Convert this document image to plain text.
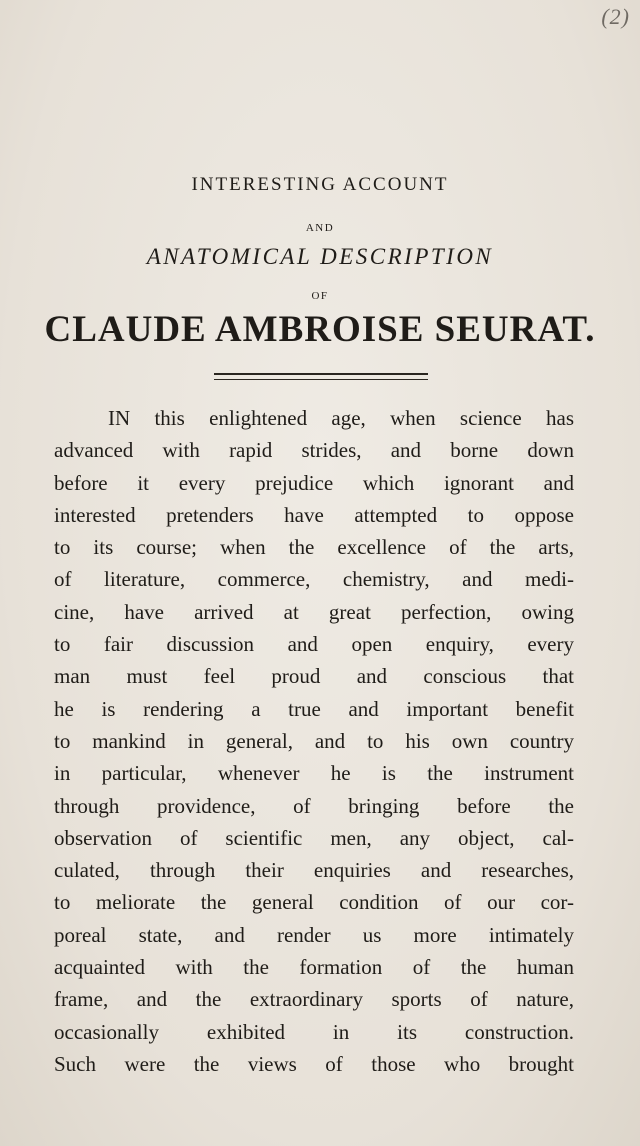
(2)
INTERESTING ACCOUNT
AND
ANATOMICAL DESCRIPTION
OF
CLAUDE AMBROISE SEURAT.
IN this enlightened age, when science has
advanced with rapid strides, and borne down
before it every prejudice which ignorant and
interested pretenders have attempted to oppose
to its course; when the excellence of the arts,
of literature, commerce, chemistry, and medi-
cine, have arrived at great perfection, owing
to fair discussion and open enquiry, every
man must feel proud and conscious that
he is rendering a true and important benefit
to mankind in general, and to his own country
in particular, whenever he is the instrument
through providence, of bringing before the
observation of scientific men, any object, cal-
culated, through their enquiries and researches,
to meliorate the general condition of our cor-
poreal state, and render us more intimately
acquainted with the formation of the human
frame, and the extraordinary sports of nature,
occasionally exhibited in its construction.
Such were the views of those who brought
